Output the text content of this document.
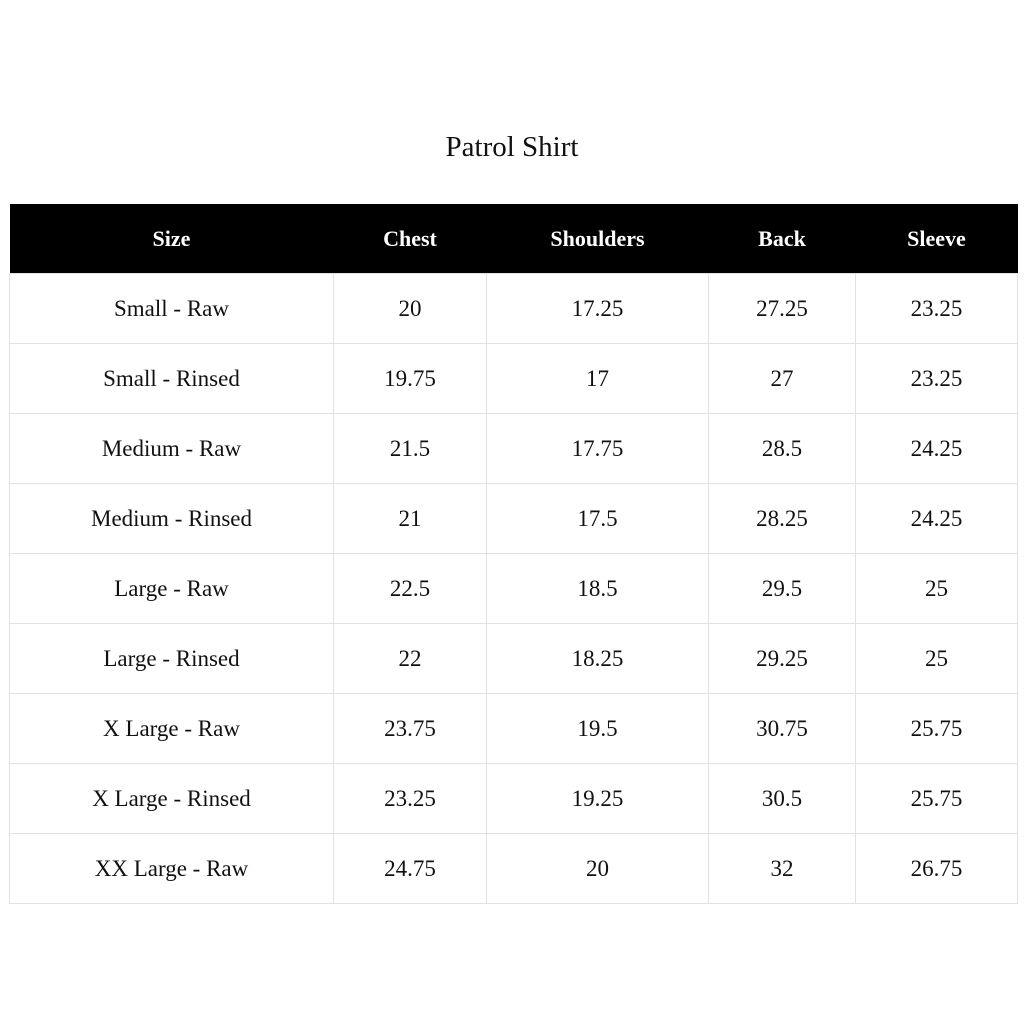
Patrol Shirt
Size	Chest	Shoulders	Back	Sleeve
Small - Raw	20	17.25	27.25	23.25
Small - Rinsed	19.75	17	27	23.25
Medium - Raw	21.5	17.75	28.5	24.25
Medium - Rinsed	21	17.5	28.25	24.25
Large - Raw	22.5	18.5	29.5	25
Large - Rinsed	22	18.25	29.25	25
X Large - Raw	23.75	19.5	30.75	25.75
X Large - Rinsed	23.25	19.25	30.5	25.75
XX Large - Raw	24.75	20	32	26.75
